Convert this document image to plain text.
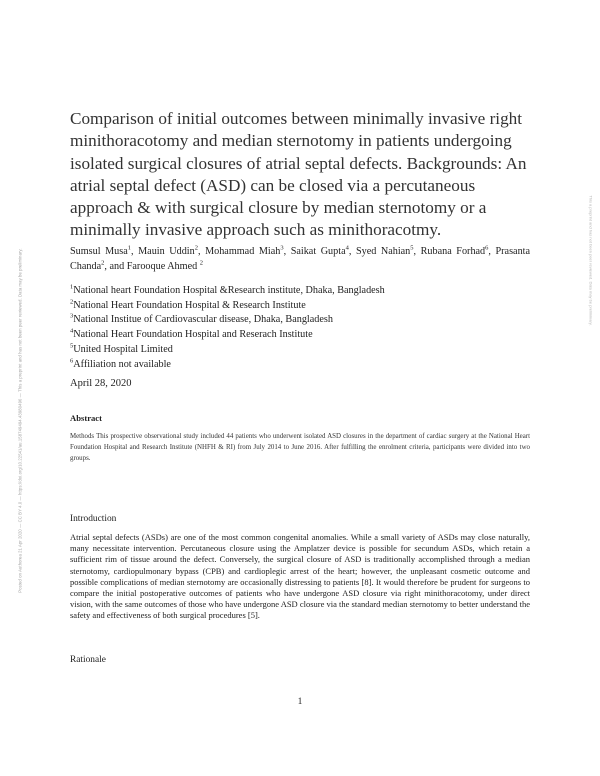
Posted on Authorea 21 Apr 2020 — CC BY 4.0 — https://doi.org/10.22541/au.158749494.43980496 — This a preprint and has not been peer reviewed. Data may be preliminary.	This a preprint and has not been peer reviewed. Data may be preliminary.
Comparison of initial outcomes between minimally invasive right minithoracotomy and median sternotomy in patients undergoing isolated surgical closures of atrial septal defects. Backgrounds: An atrial septal defect (ASD) can be closed via a percutaneous approach & with surgical closure by median sternotomy or a minimally invasive approach such as minithoracotmy.
Sumsul Musa$^1$, Mauin Uddin$^2$, Mohammad Miah$^3$, Saikat Gupta$^4$, Syed Nahian$^5$, Rubana Forhad$^6$, Prasanta Chanda$^2$, and Farooque Ahmed $^2$
$^1$National heart Foundation Hospital &Research institute, Dhaka, Bangladesh
$^2$National Heart Foundation Hospital & Research Institute
$^3$National Institue of Cardiovascular disease, Dhaka, Bangladesh
$^4$National Heart Foundation Hospital and Reserach Institute
$^5$United Hospital Limited
$^6$Affiliation not available
April 28, 2020
Abstract
Methods This prospective observational study included 44 patients who underwent isolated ASD closures in the department of cardiac surgery at the National Heart Foundation Hospital and Research Institute (NHFH & RI) from July 2014 to June 2016. After fulfilling the enrolment criteria, participants were divided into two groups.
Introduction
Atrial septal defects (ASDs) are one of the most common congenital anomalies. While a small variety of ASDs may close naturally, many necessitate intervention. Percutaneous closure using the Amplatzer device is possible for secundum ASDs, which retain a sufficient rim of tissue around the defect. Conversely, the surgical closure of ASD is traditionally accomplished through a median sternotomy, cardiopulmonary bypass (CPB) and cardioplegic arrest of the heart; however, the unpleasant cosmetic outcome and possible complications of median sternotomy are occasionally distressing to patients [8]. It would therefore be prudent for surgeons to compare the initial postoperative outcomes of patients who have undergone ASD closure via right minithoracotomy, under direct vision, with the same outcomes of those who have undergone ASD closure via the standard median sternotomy to better understand the safety and effectiveness of both surgical procedures [5].
Rationale
1
